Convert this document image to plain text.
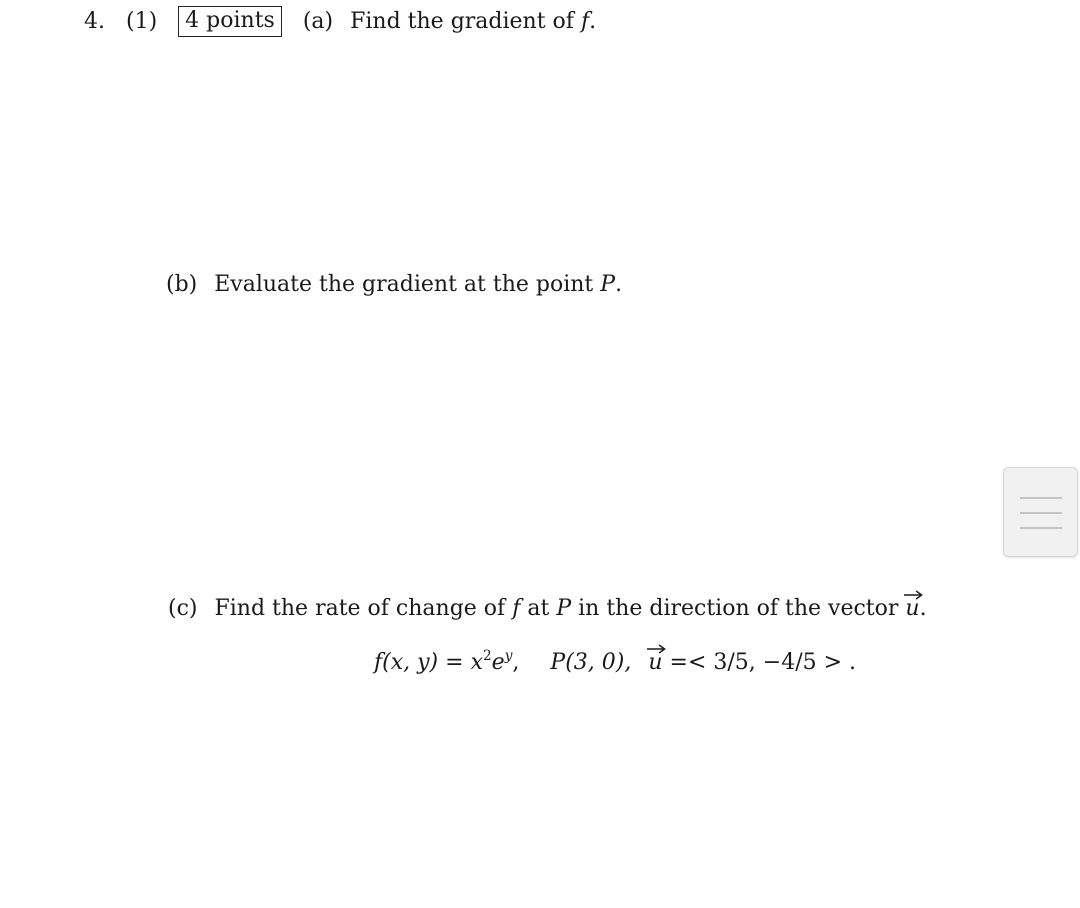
4. (1) 4 points (a) Find the gradient of f.
(b) Evaluate the gradient at the point P.
(c) Find the rate of change of f at P in the direction of the vector u.
f(x, $y) = x^2e^y$, P(3, 0), u =< 3/5, −4/5 > .
